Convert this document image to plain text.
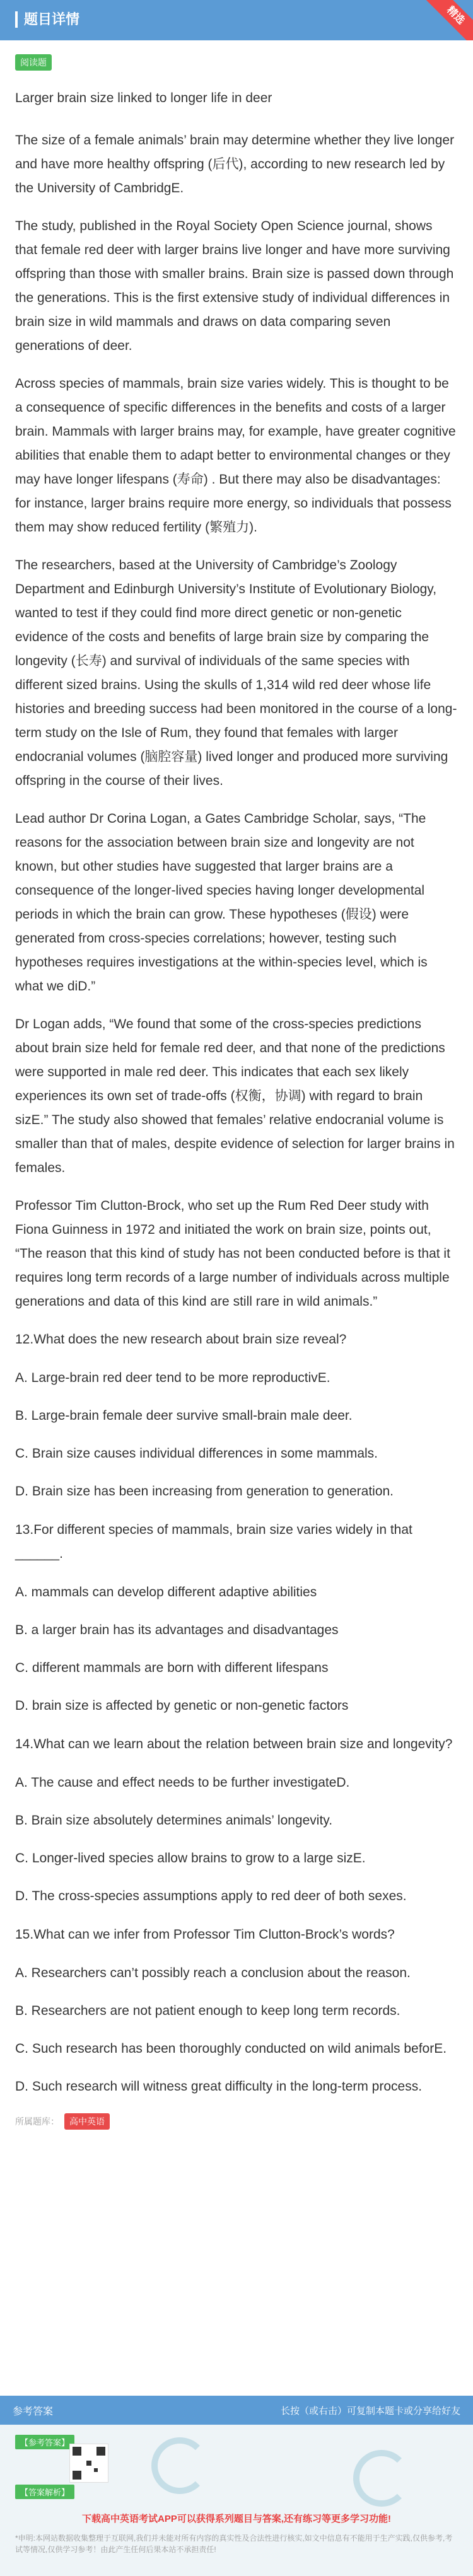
题目详情	精选
阅读题
Larger brain size linked to longer life in deer

The size of a female animals’ brain may determine whether they live longer and have more healthy offspring (后代), according to new research led by the University of CambridgE.

The study, published in the Royal Society Open Science journal, shows that female red deer with larger brains live longer and have more surviving offspring than those with smaller brains. Brain size is passed down through the generations. This is the first extensive study of individual differences in brain size in wild mammals and draws on data comparing seven generations of deer.

Across species of mammals, brain size varies widely. This is thought to be a consequence of specific differences in the benefits and costs of a larger brain. Mammals with larger brains may, for example, have greater cognitive abilities that enable them to adapt better to environmental changes or they may have longer lifespans (寿命) . But there may also be disadvantages: for instance, larger brains require more energy, so individuals that possess them may show reduced fertility (繁殖力).

The researchers, based at the University of Cambridge’s Zoology Department and Edinburgh University’s Institute of Evolutionary Biology, wanted to test if they could find more direct genetic or non-genetic evidence of the costs and benefits of large brain size by comparing the longevity (长寿) and survival of individuals of the same species with different sized brains. Using the skulls of 1,314 wild red deer whose life histories and breeding success had been monitored in the course of a long-term study on the Isle of Rum, they found that females with larger endocranial volumes (脑腔容量) lived longer and produced more surviving offspring in the course of their lives.

Lead author Dr Corina Logan, a Gates Cambridge Scholar, says, “The reasons for the association between brain size and longevity are not known, but other studies have suggested that larger brains are a consequence of the longer-lived species having longer developmental periods in which the brain can grow. These hypotheses (假设) were generated from cross-species correlations; however, testing such hypotheses requires investigations at the within-species level, which is what we diD.”

Dr Logan adds, “We found that some of the cross-species predictions about brain size held for female red deer, and that none of the predictions were supported in male red deer. This indicates that each sex likely experiences its own set of trade-offs (权衡，协调) with regard to brain sizE.” The study also showed that females’ relative endocranial volume is smaller than that of males, despite evidence of selection for larger brains in females.

Professor Tim Clutton-Brock, who set up the Rum Red Deer study with Fiona Guinness in 1972 and initiated the work on brain size, points out, “The reason that this kind of study has not been conducted before is that it requires long term records of a large number of individuals across multiple generations and data of this kind are still rare in wild animals.”

12.What does the new research about brain size reveal?
A. Large-brain red deer tend to be more reproductivE.
B. Large-brain female deer survive small-brain male deer.
C. Brain size causes individual differences in some mammals.
D. Brain size has been increasing from generation to generation.
13.For different species of mammals, brain size varies widely in that ______.
A. mammals can develop different adaptive abilities
B. a larger brain has its advantages and disadvantages
C. different mammals are born with different lifespans
D. brain size is affected by genetic or non-genetic factors
14.What can we learn about the relation between brain size and longevity?
A. The cause and effect needs to be further investigateD.
B. Brain size absolutely determines animals’ longevity.
C. Longer-lived species allow brains to grow to a large sizE.
D. The cross-species assumptions apply to red deer of both sexes.
15.What can we infer from Professor Tim Clutton-Brock’s words?
A. Researchers can’t possibly reach a conclusion about the reason.
B. Researchers are not patient enough to keep long term records.
C. Such research has been thoroughly conducted on wild animals beforE.
D. Such research will witness great difficulty in the long-term process.
所属题库：	高中英语
参考答案	长按（或右击）可复制本题卡或分享给好友
【参考答案】
【答案解析】
下载高中英语考试APP可以获得系列题目与答案,还有练习等更多学习功能!
*申明:本网站数据收集整理于互联网,我们并未能对所有内容的真实性及合法性进行核实,如文中信息有不能用于生产实践,仅供参考,考试等情况,仅供学习参考！由此产生任何后果本站不承担责任!
